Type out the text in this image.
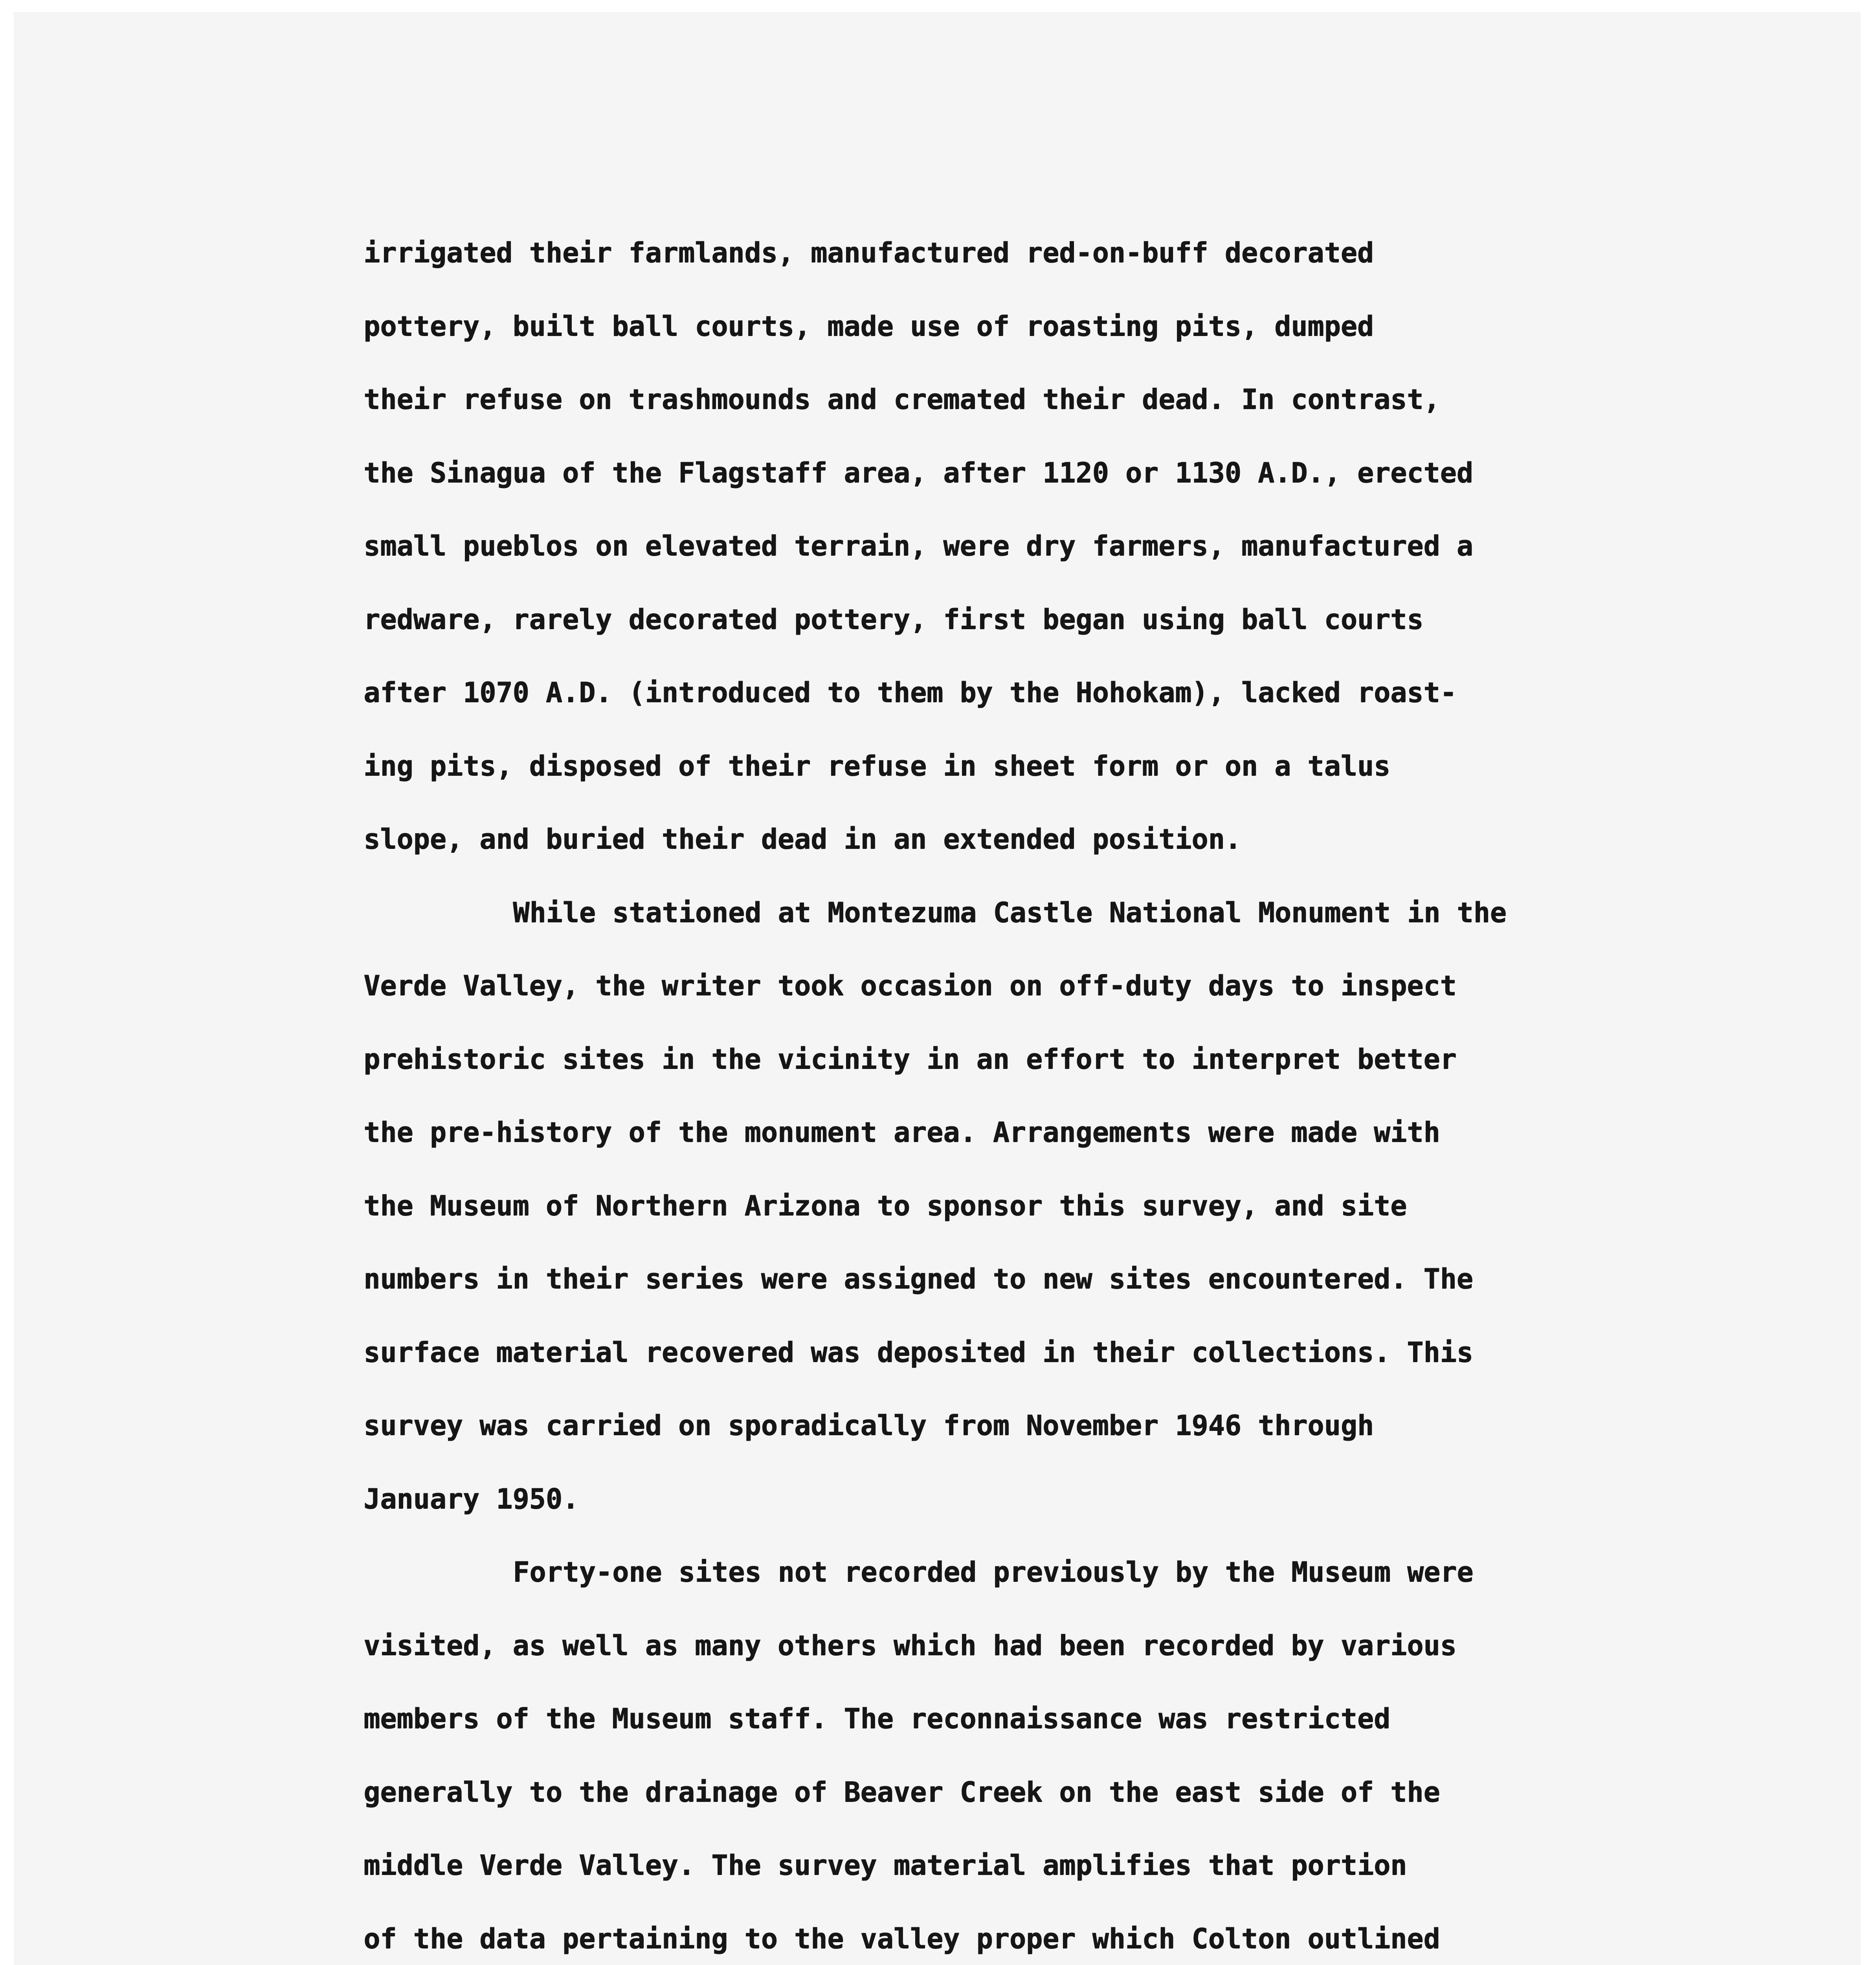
irrigated their farmlands, manufactured red-on-buff decorated
pottery, built ball courts, made use of roasting pits, dumped
their refuse on trashmounds and cremated their dead. In contrast,
the Sinagua of the Flagstaff area, after 1120 or 1130 A.D., erected
small pueblos on elevated terrain, were dry farmers, manufactured a
redware, rarely decorated pottery, first began using ball courts
after 1070 A.D. (introduced to them by the Hohokam), lacked roast-
ing pits, disposed of their refuse in sheet form or on a talus
slope, and buried their dead in an extended position.
While stationed at Montezuma Castle National Monument in the
Verde Valley, the writer took occasion on off-duty days to inspect
prehistoric sites in the vicinity in an effort to interpret better
the pre-history of the monument area. Arrangements were made with
the Museum of Northern Arizona to sponsor this survey, and site
numbers in their series were assigned to new sites encountered. The
surface material recovered was deposited in their collections. This
survey was carried on sporadically from November 1946 through
January 1950.
Forty-one sites not recorded previously by the Museum were
visited, as well as many others which had been recorded by various
members of the Museum staff. The reconnaissance was restricted
generally to the drainage of Beaver Creek on the east side of the
middle Verde Valley. The survey material amplifies that portion
of the data pertaining to the valley proper which Colton outlined
